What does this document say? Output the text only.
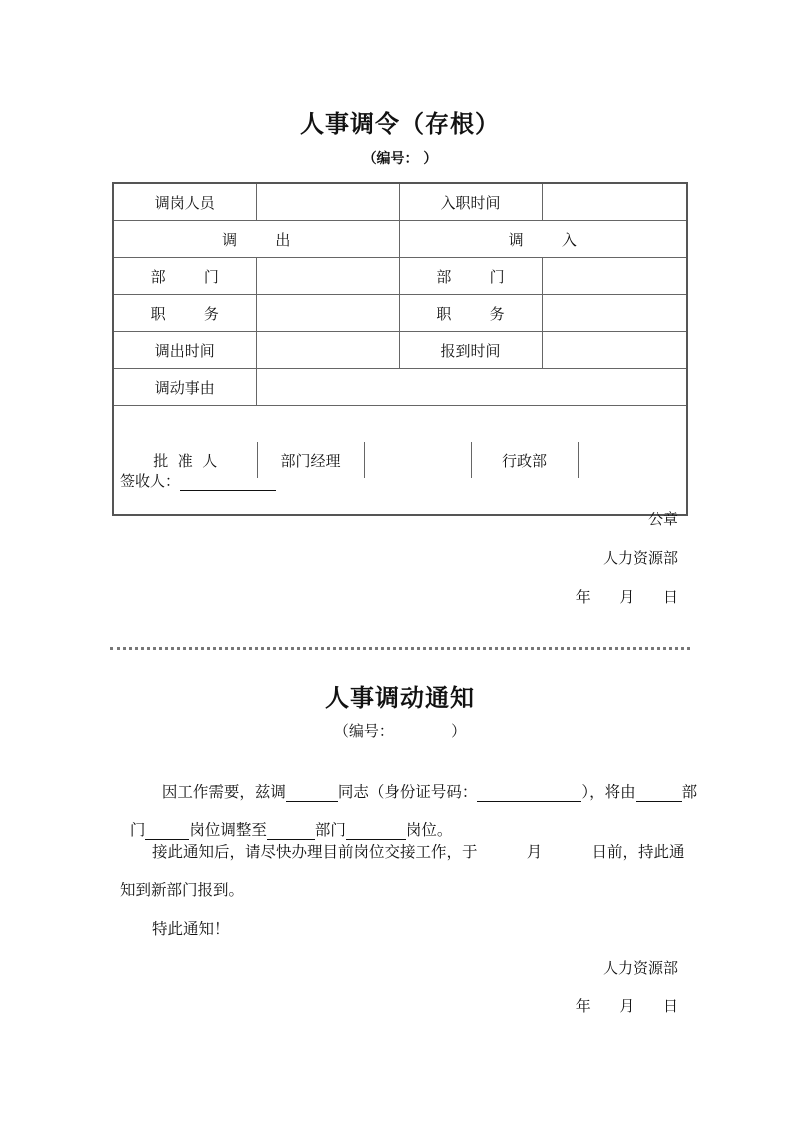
人事调令（存根）
（编号： ）
调岗人员		入职时间	
调        出	调        入
部        门		部        门	
职        务		职        务	
调出时间		报到时间	
调动事由	

批  准  人	部门经理		行政部	

签收人：
公章
人力资源部
年      月      日
人事调动通知
（编号：            ）

因工作需要，兹调	同志（身份证号码：	），将由	部

门	岗位调整至	部门	岗位。

接此通知后，请尽快办理目前岗位交接工作，于          月          日前，持此通
知到新部门报到。
特此通知！
人力资源部
年      月      日
